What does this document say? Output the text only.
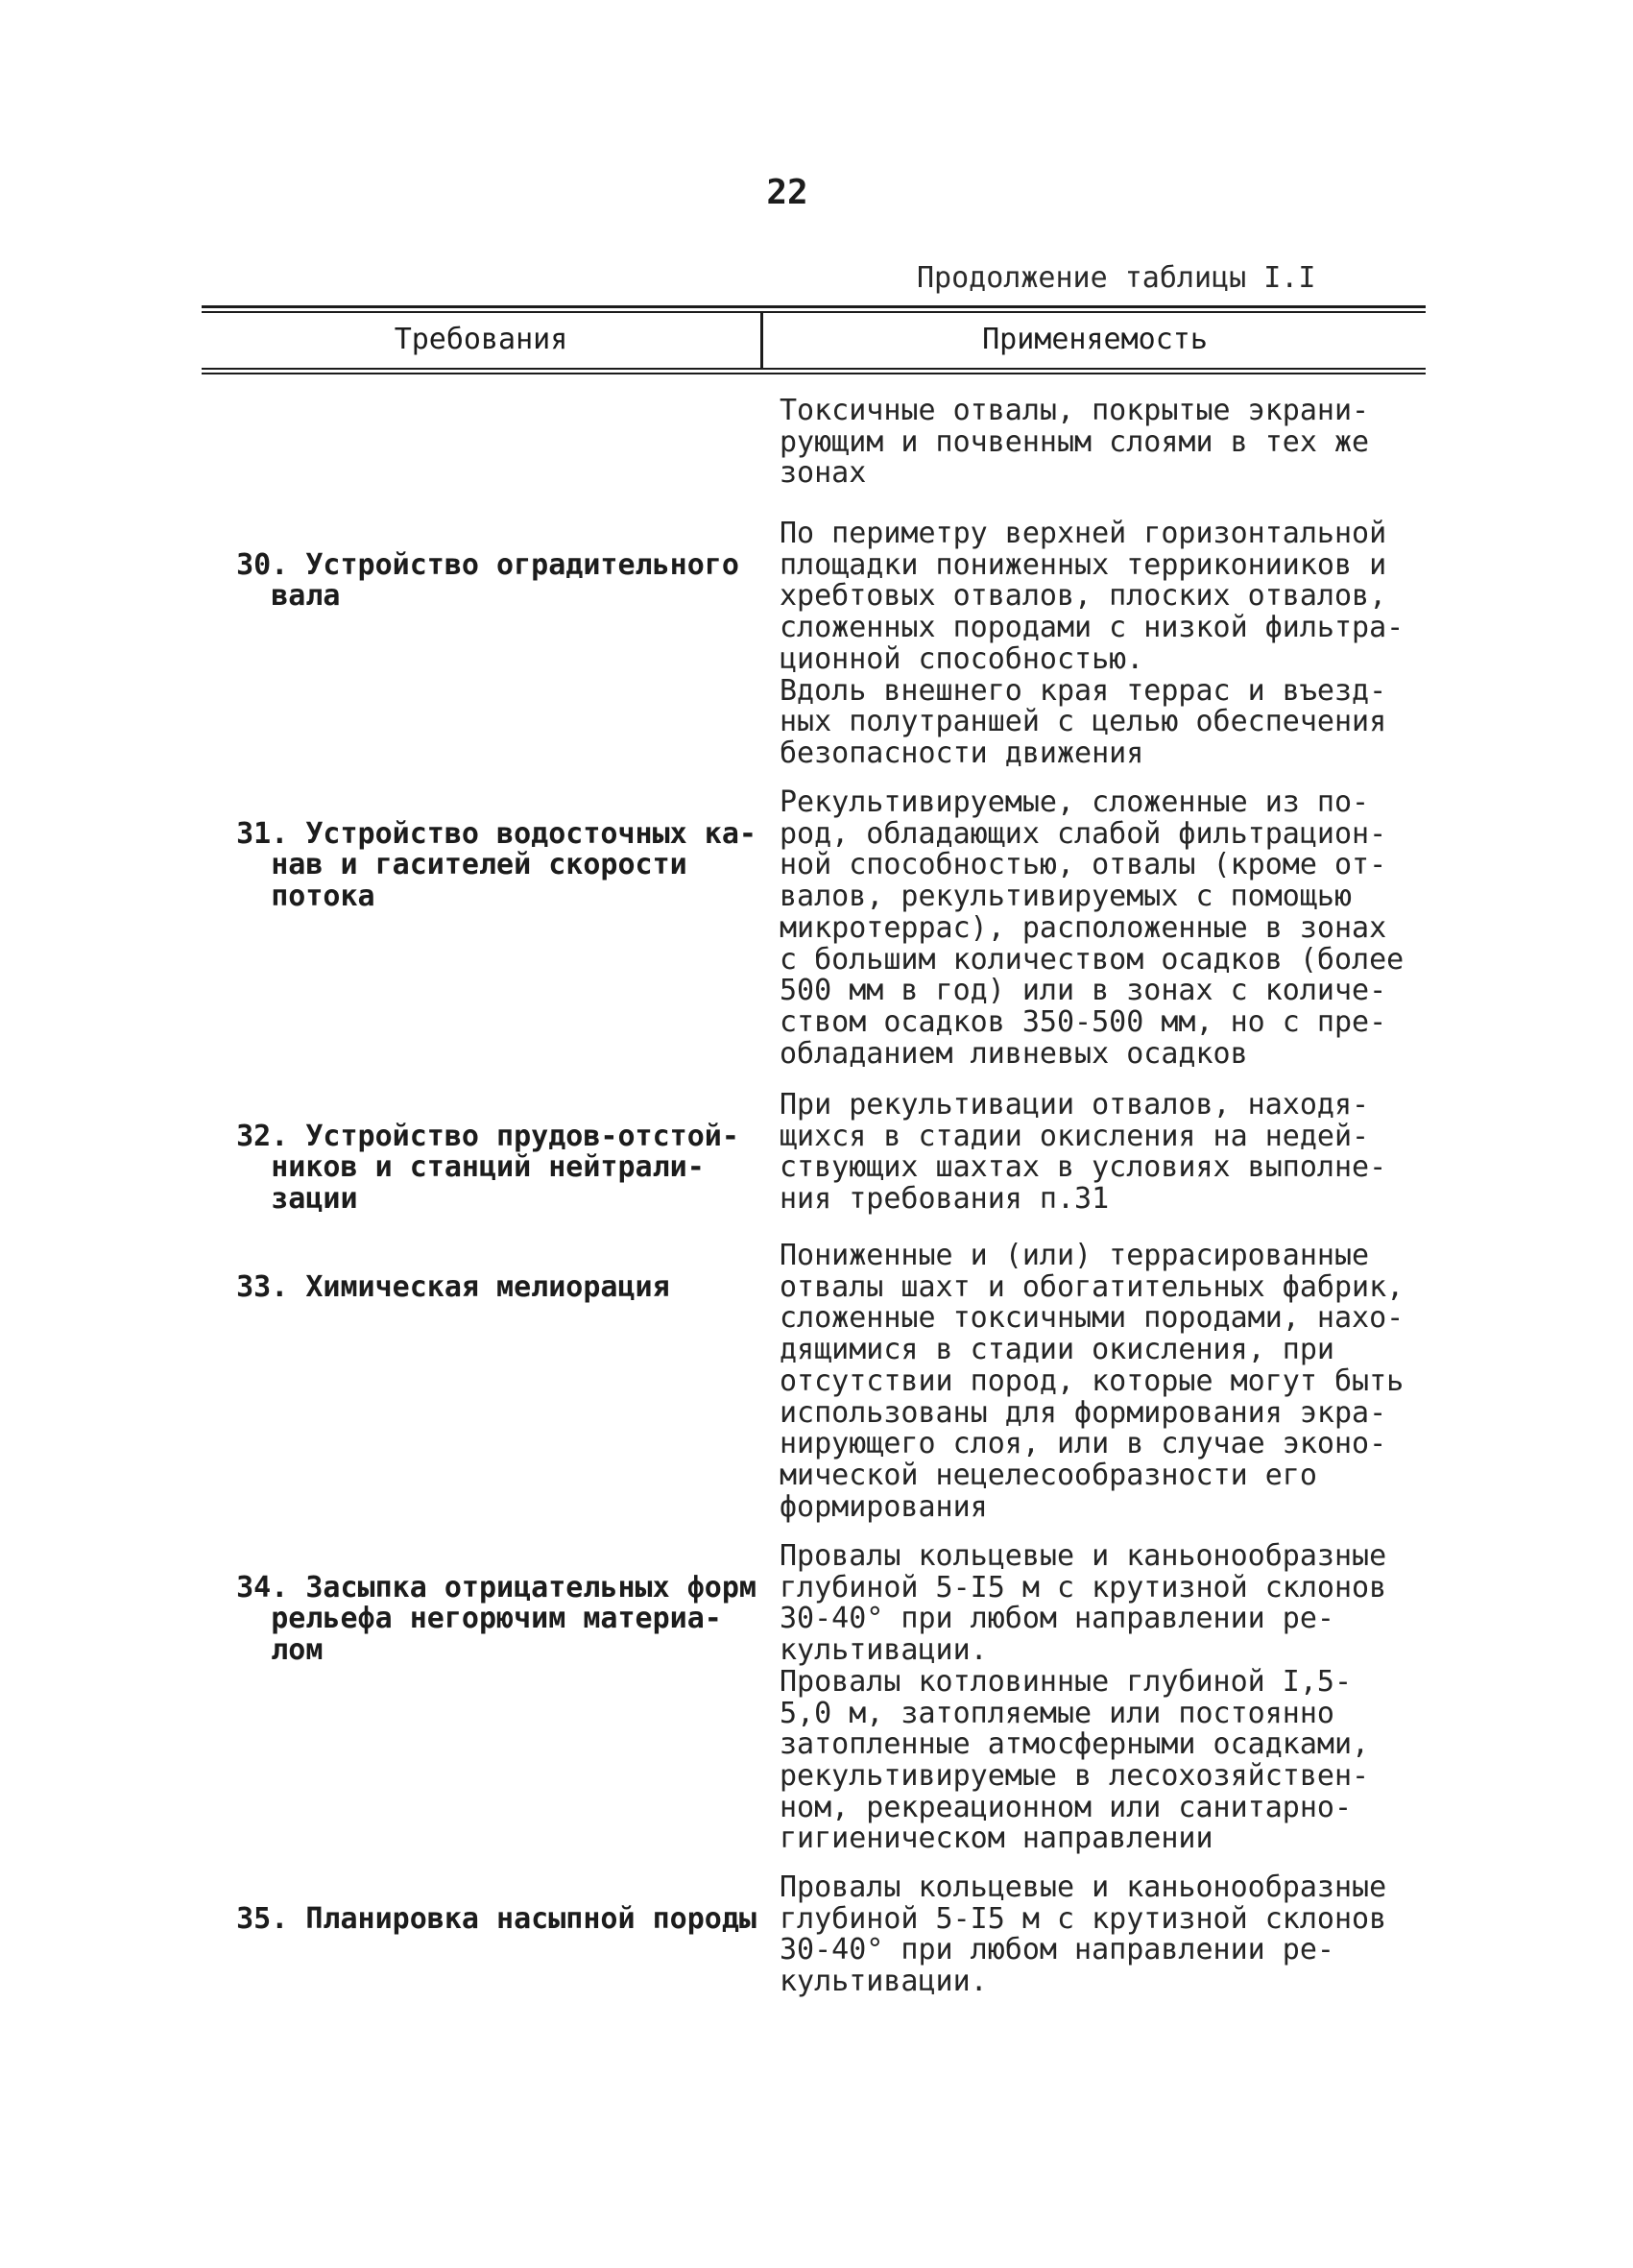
22
Продолжение таблицы I.I
Требования	Применяемость
Токсичные отвалы, покрытые экрани-
рующим и почвенным слоями в тех же
зонах

30. Устройство оградительного
вала

По периметру верхней горизонтальной
площадки пониженных терриконииков и
хребтовых отвалов, плоских отвалов,
сложенных породами с низкой фильтра-
ционной способностью.
Вдоль внешнего края террас и въезд-
ных полутраншей с целью обеспечения
безопасности движения

31. Устройство водосточных ка-
нав и гасителей скорости
потока

Рекультивируемые, сложенные из по-
род, обладающих слабой фильтрацион-
ной способностью, отвалы (кроме от-
валов, рекультивируемых с помощью
микротеррас), расположенные в зонах
с большим количеством осадков (более
500 мм в год) или в зонах с количе-
ством осадков 350-500 мм, но с пре-
обладанием ливневых осадков

32. Устройство прудов-отстой-
ников и станций нейтрали-
зации

При рекультивации отвалов, находя-
щихся в стадии окисления на недей-
ствующих шахтах в условиях выполне-
ния требования п.31

33. Химическая мелиорация

Пониженные и (или) террасированные
отвалы шахт и обогатительных фабрик,
сложенные токсичными породами, нахо-
дящимися в стадии окисления, при
отсутствии пород, которые могут быть
использованы для формирования экра-
нирующего слоя, или в случае эконо-
мической нецелесообразности его
формирования

34. Засыпка отрицательных форм
рельефа негорючим материа-
лом

Провалы кольцевые и каньонообразные
глубиной 5-I5 м с крутизной склонов
30-40° при любом направлении ре-
культивации.
Провалы котловинные глубиной I,5-
5,0 м, затопляемые или постоянно
затопленные атмосферными осадками,
рекультивируемые в лесохозяйствен-
ном, рекреационном или санитарно-
гигиеническом направлении

35. Планировка насыпной породы

Провалы кольцевые и каньонообразные
глубиной 5-I5 м с крутизной склонов
30-40° при любом направлении ре-
культивации.
